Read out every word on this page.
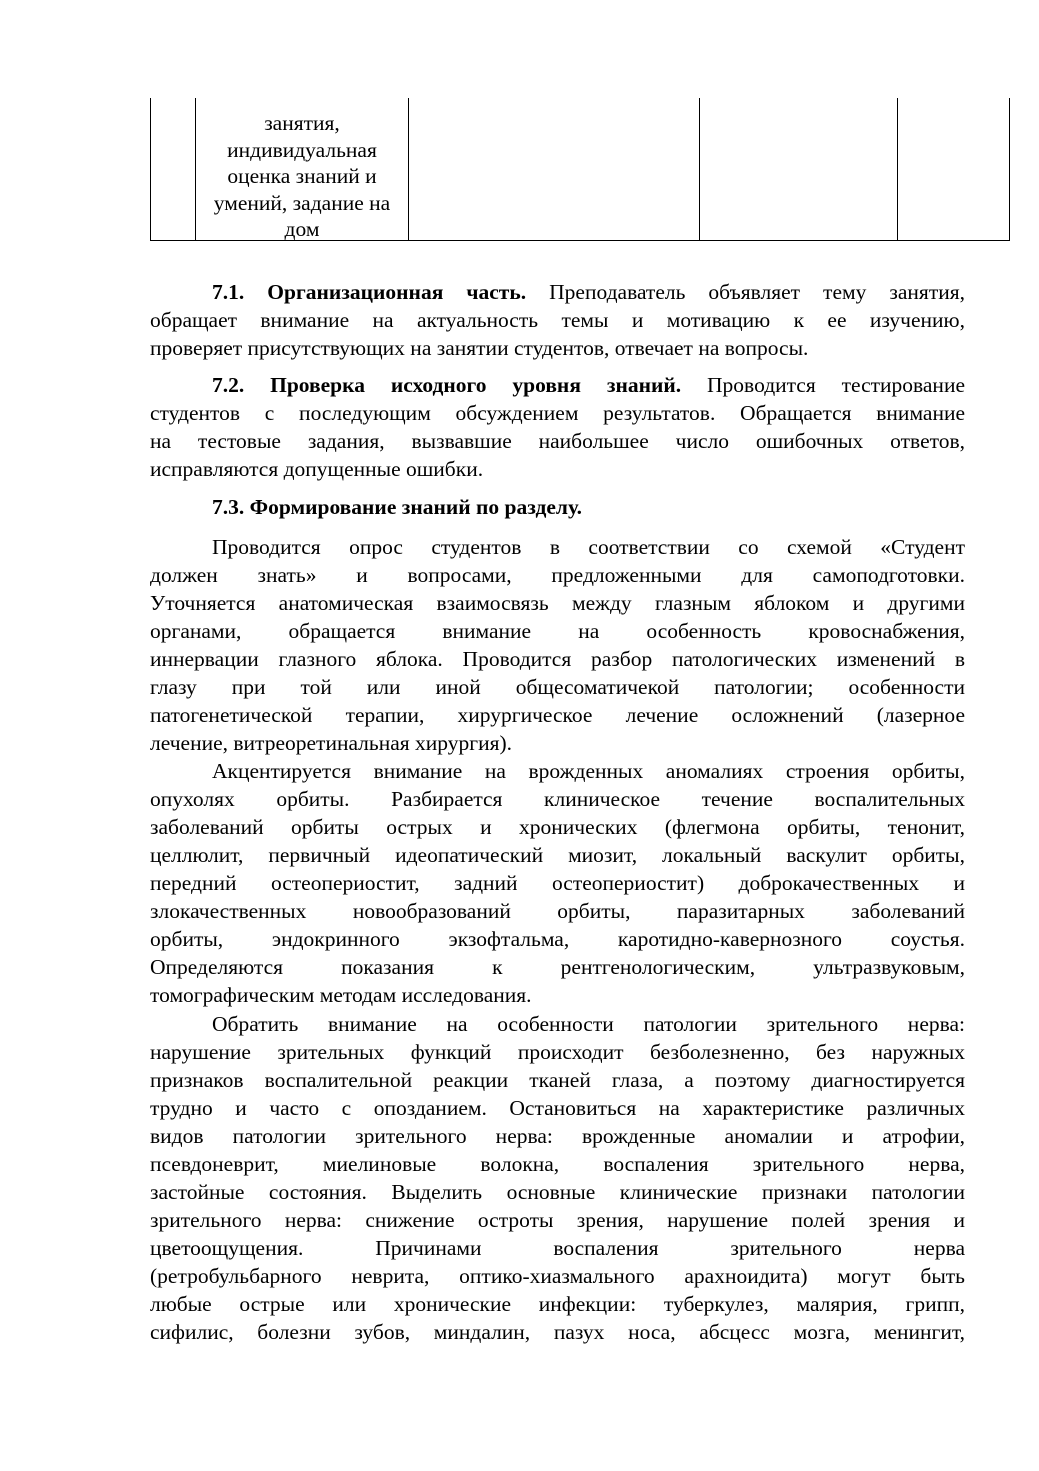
занятия,
индивидуальная
оценка знаний и
умений, задание на
дом

7.1. Организационная часть. Преподаватель объявляет тему занятия,
обращает внимание на актуальность темы и мотивацию к ее изучению,
проверяет присутствующих на занятии студентов, отвечает на вопросы.

7.2. Проверка исходного уровня знаний. Проводится тестирование
студентов с последующим обсуждением результатов. Обращается внимание
на тестовые задания, вызвавшие наибольшее число ошибочных ответов,
исправляются допущенные ошибки.

7.3. Формирование знаний по разделу.

Проводится опрос студентов в соответствии со схемой «Студент
должен знать» и вопросами, предложенными для самоподготовки.
Уточняется анатомическая взаимосвязь между глазным яблоком и другими
органами, обращается внимание на особенность кровоснабжения,
иннервации глазного яблока. Проводится разбор патологических изменений в
глазу при той или иной общесоматичекой патологии; особенности
патогенетической терапии, хирургическое лечение осложнений (лазерное
лечение, витреоретинальная хирургия).

Акцентируется внимание на врожденных аномалиях строения орбиты,
опухолях орбиты. Разбирается клиническое течение воспалительных
заболеваний орбиты острых и хронических (флегмона орбиты, тенонит,
целлюлит, первичный идеопатический миозит, локальный васкулит орбиты,
передний остеопериостит, задний остеопериостит) доброкачественных и
злокачественных новообразований орбиты, паразитарных заболеваний
орбиты, эндокринного экзофтальма, каротидно-кавернозного соустья.
Определяются показания к рентгенологическим, ультразвуковым,
томографическим методам исследования.

Обратить внимание на особенности патологии зрительного нерва:
нарушение зрительных функций происходит безболезненно, без наружных
признаков воспалительной реакции тканей глаза, а поэтому диагностируется
трудно и часто с опозданием. Остановиться на характеристике различных
видов патологии зрительного нерва: врожденные аномалии и атрофии,
псевдоневрит, миелиновые волокна, воспаления зрительного нерва,
застойные состояния. Выделить основные клинические признаки патологии
зрительного нерва: снижение остроты зрения, нарушение полей зрения и
цветоощущения. Причинами воспаления зрительного нерва
(ретробульбарного неврита, оптико-хиазмального арахноидита) могут быть
любые острые или хронические инфекции: туберкулез, малярия, грипп,
сифилис, болезни зубов, миндалин, пазух носа, абсцесс мозга, менингит,
